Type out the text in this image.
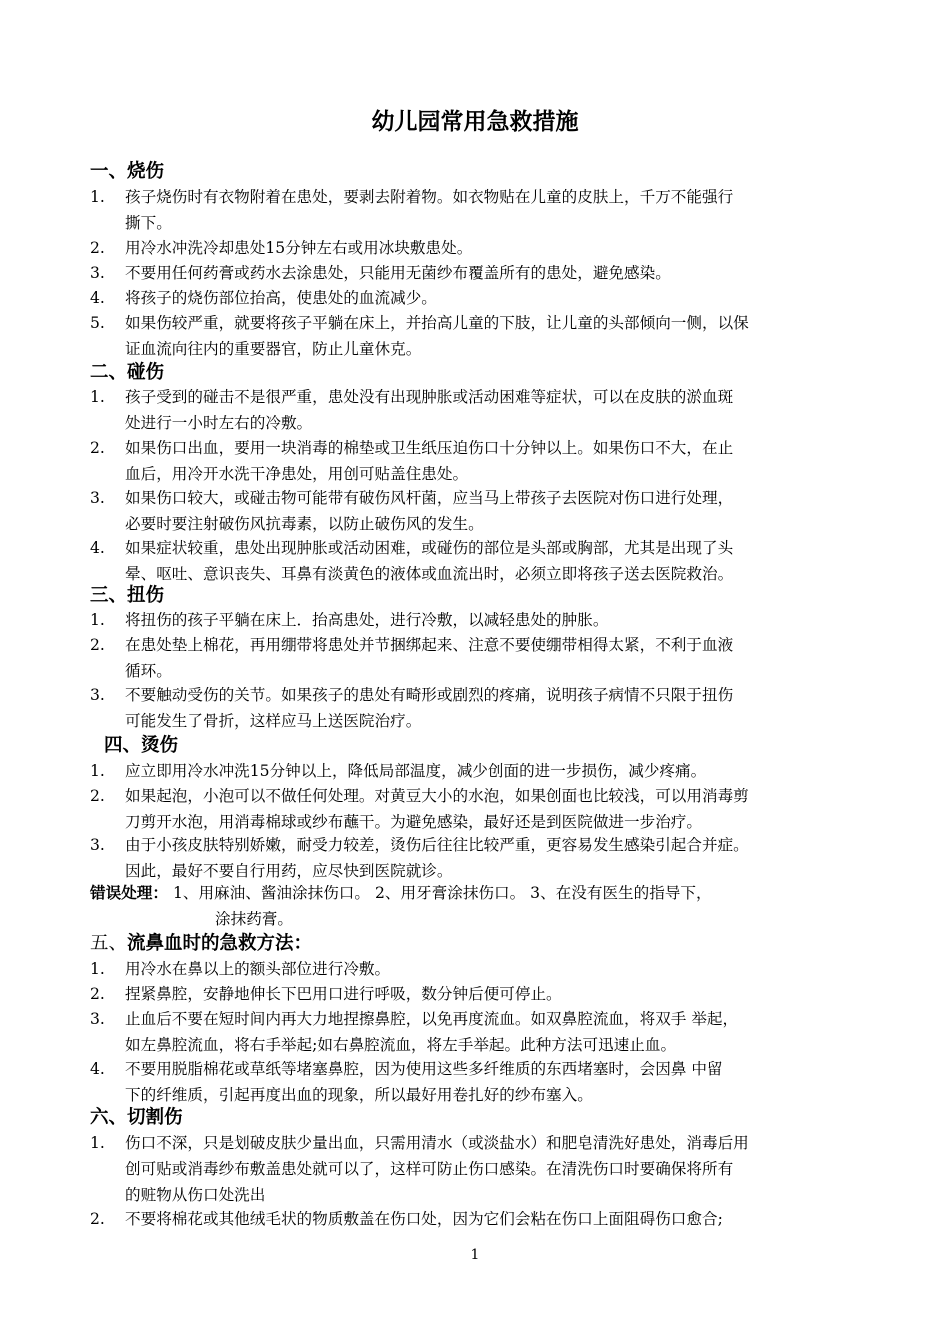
幼儿园常用急救措施
一、烧伤
1.	孩子烧伤时有衣物附着在患处，要剥去附着物。如衣物贴在儿童的皮肤上，千万不能强行
撕下。
2.	用冷水冲洗冷却患处15分钟左右或用冰块敷患处。
3.	不要用任何药膏或药水去涂患处，只能用无菌纱布覆盖所有的患处，避免感染。
4.	将孩子的烧伤部位抬高，使患处的血流减少。
5.	如果伤较严重，就要将孩子平躺在床上，并抬高儿童的下肢，让儿童的头部倾向一侧，以保
证血流向往内的重要器官，防止儿童休克。
二、碰伤
1.	孩子受到的碰击不是很严重，患处没有出现肿胀或活动困难等症状，可以在皮肤的淤血斑
处进行一小时左右的冷敷。
2.	如果伤口出血，要用一块消毒的棉垫或卫生纸压迫伤口十分钟以上。如果伤口不大，在止
血后，用冷开水洗干净患处，用创可贴盖住患处。
3.	如果伤口较大，或碰击物可能带有破伤风杆菌，应当马上带孩子去医院对伤口进行处理，
必要时要注射破伤风抗毒素，以防止破伤风的发生。
4.	如果症状较重，患处出现肿胀或活动困难，或碰伤的部位是头部或胸部，尤其是出现了头
晕、呕吐、意识丧失、耳鼻有淡黄色的液体或血流出时，必须立即将孩子送去医院救治。
三、扭伤
1.	将扭伤的孩子平躺在床上．抬高患处，进行冷敷，以减轻患处的肿胀。
2.	在患处垫上棉花，再用绷带将患处并节捆绑起来、注意不要使绷带相得太紧，不利于血液
循环。
3.	不要触动受伤的关节。如果孩子的患处有畸形或剧烈的疼痛，说明孩子病情不只限于扭伤
可能发生了骨折，这样应马上送医院治疗。
四、烫伤
1.	应立即用冷水冲洗15分钟以上，降低局部温度，减少创面的进一步损伤，减少疼痛。
2.	如果起泡，小泡可以不做任何处理。对黄豆大小的水泡，如果创面也比较浅，可以用消毒剪
刀剪开水泡，用消毒棉球或纱布蘸干。为避免感染，最好还是到医院做进一步治疗。
3.	由于小孩皮肤特别娇嫩，耐受力较差，烫伤后往往比较严重，更容易发生感染引起合并症。
因此，最好不要自行用药，应尽快到医院就诊。
错误处理： 1、用麻油、酱油涂抹伤口。 2、用牙膏涂抹伤口。 3、在没有医生的指导下，
涂抹药膏。
五、流鼻血时的急救方法：
1.	用冷水在鼻以上的额头部位进行冷敷。
2.	捏紧鼻腔，安静地伸长下巴用口进行呼吸，数分钟后便可停止。
3.	止血后不要在短时间内再大力地捏擦鼻腔，以免再度流血。如双鼻腔流血，将双手 举起，
如左鼻腔流血，将右手举起;如右鼻腔流血，将左手举起。此种方法可迅速止血。
4.	不要用脱脂棉花或草纸等堵塞鼻腔，因为使用这些多纤维质的东西堵塞时，会因鼻 中留
下的纤维质，引起再度出血的现象，所以最好用卷扎好的纱布塞入。
六、切割伤
1.	伤口不深，只是划破皮肤少量出血，只需用清水（或淡盐水）和肥皂清洗好患处，消毒后用
创可贴或消毒纱布敷盖患处就可以了，这样可防止伤口感染。在清洗伤口时要确保将所有
的赃物从伤口处洗出
2.	不要将棉花或其他绒毛状的物质敷盖在伤口处，因为它们会粘在伤口上面阻碍伤口愈合;
1
